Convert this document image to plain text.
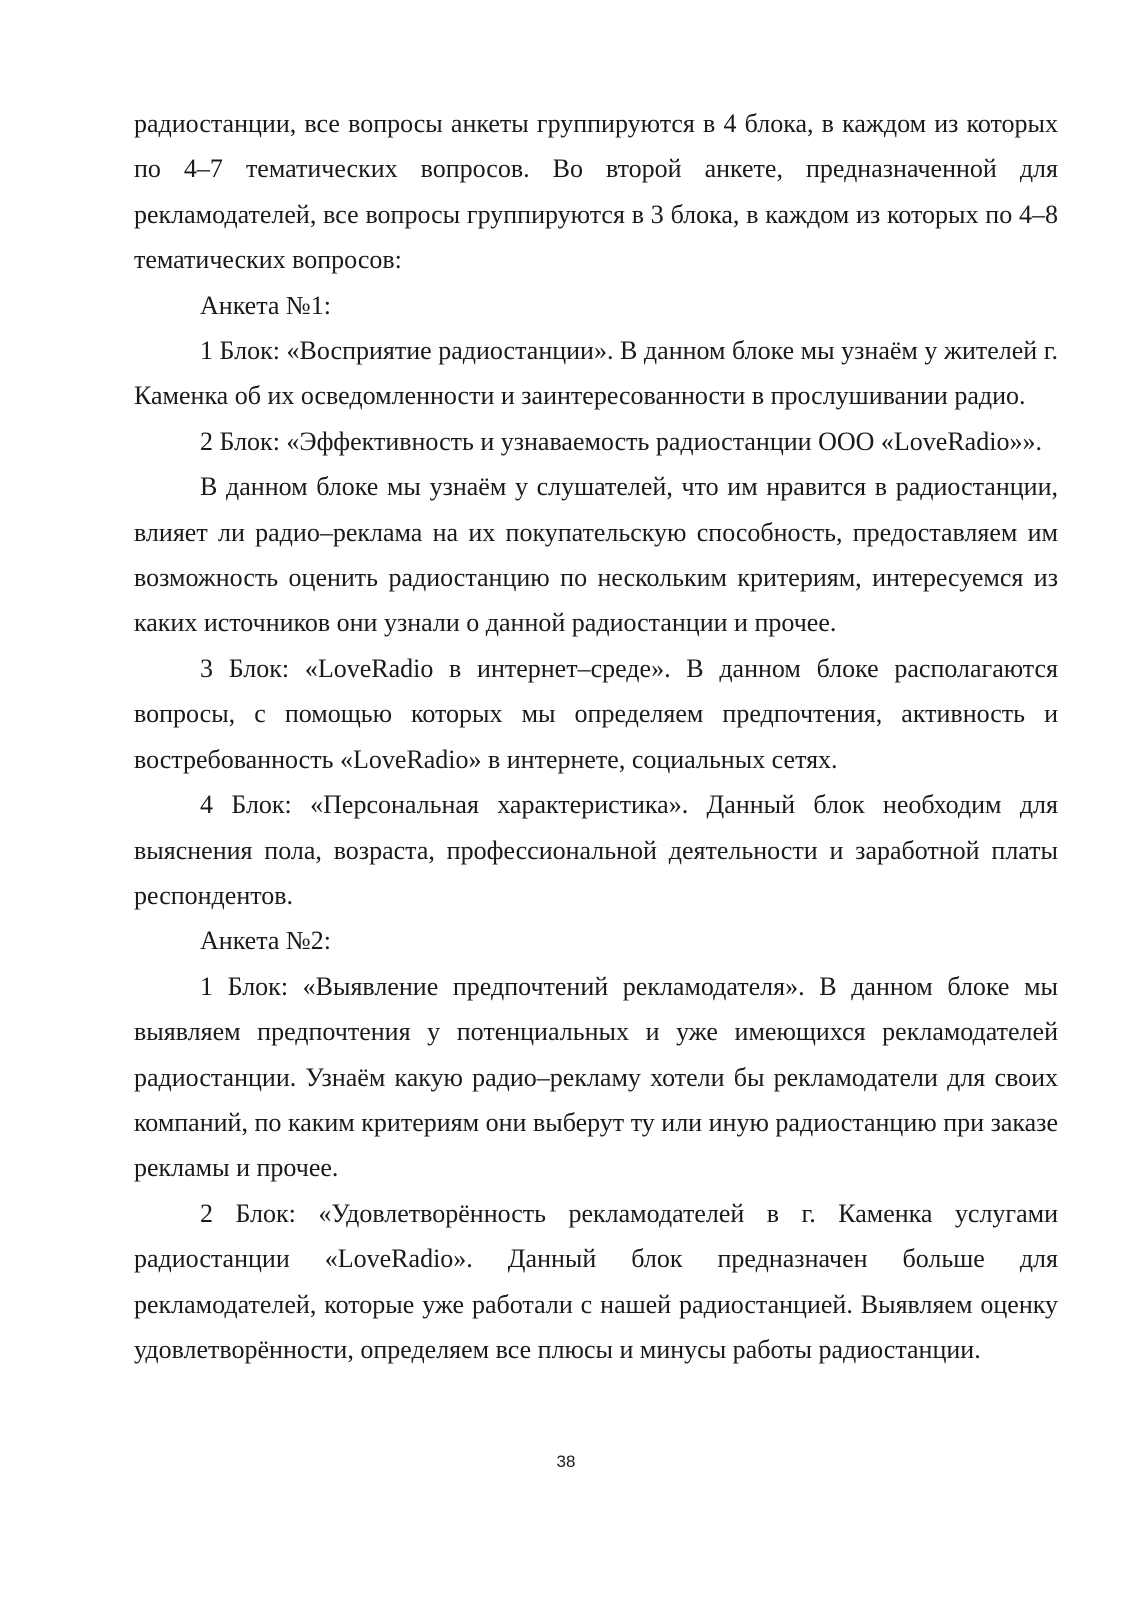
радиостанции, все вопросы анкеты группируются в 4 блока, в каждом из которых по 4–7 тематических вопросов. Во второй анкете, предназначенной для рекламодателей, все вопросы группируются в 3 блока, в каждом из которых по 4–8 тематических вопросов:

Анкета №1:

1 Блок: «Восприятие радиостанции». В данном блоке мы узнаём у жителей г. Каменка об их осведомленности и заинтересованности в прослушивании радио.

2 Блок: «Эффективность и узнаваемость радиостанции ООО «LoveRadio»».

В данном блоке мы узнаём у слушателей, что им нравится в радиостанции, влияет ли радио–реклама на их покупательскую способность, предоставляем им возможность оценить радиостанцию по нескольким критериям, интересуемся из каких источников они узнали о данной радиостанции и прочее.

3 Блок: «LoveRadio в интернет–среде». В данном блоке располагаются вопросы, с помощью которых мы определяем предпочтения, активность и востребованность «LoveRadio» в интернете, социальных сетях.

4 Блок: «Персональная характеристика». Данный блок необходим для выяснения пола, возраста, профессиональной деятельности и заработной платы респондентов.

Анкета №2:

1 Блок: «Выявление предпочтений рекламодателя». В данном блоке мы выявляем предпочтения у потенциальных и уже имеющихся рекламодателей радиостанции. Узнаём какую радио–рекламу хотели бы рекламодатели для своих компаний, по каким критериям они выберут ту или иную радиостанцию при заказе рекламы и прочее.

2 Блок: «Удовлетворённость рекламодателей в г. Каменка услугами радиостанции «LoveRadio». Данный блок предназначен больше для рекламодателей, которые уже работали с нашей радиостанцией. Выявляем оценку удовлетворённости, определяем все плюсы и минусы работы радиостанции.

38
